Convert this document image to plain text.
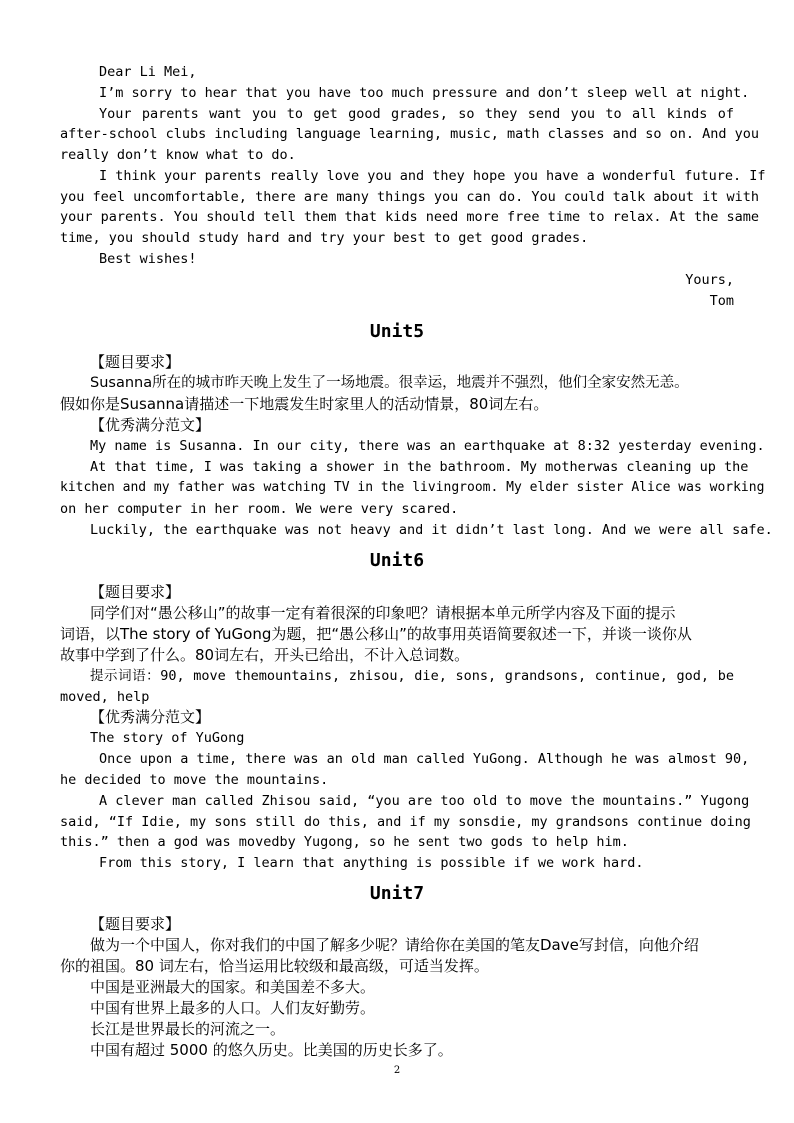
Dear Li Mei,
I’m sorry to hear that you have too much pressure and don’t sleep well at night.
Your parents want you to get good grades, so they send you to all kinds of
after-school clubs including language learning, music, math classes and so on. And you
really don’t know what to do.
I think your parents really love you and they hope you have a wonderful future. If
you feel uncomfortable, there are many things you can do. You could talk about it with
your parents. You should tell them that kids need more free time to relax. At the same
time, you should study hard and try your best to get good grades.
Best wishes!
Yours,
Tom
Unit5
【题目要求】
Susanna所在的城市昨天晚上发生了一场地震。很幸运，地震并不强烈，他们全家安然无恙。
假如你是Susanna请描述一下地震发生时家里人的活动情景，80词左右。
【优秀满分范文】
My name is Susanna. In our city, there was an earthquake at 8:32 yesterday evening.
At that time, I was taking a shower in the bathroom. My motherwas cleaning up the
kitchen and my father was watching TV in the livingroom. My elder sister Alice was working
on her computer in her room. We were very scared.
Luckily, the earthquake was not heavy and it didn’t last long. And we were all safe.
Unit6
【题目要求】
同学们对“愚公移山”的故事一定有着很深的印象吧？请根据本单元所学内容及下面的提示
词语，以The story of YuGong为题，把“愚公移山”的故事用英语简要叙述一下，并谈一谈你从
故事中学到了什么。80词左右，开头已给出，不计入总词数。
提示词语：90, move themountains, zhisou, die, sons, grandsons, continue, god, be
moved, help
【优秀满分范文】
The story of YuGong
Once upon a time, there was an old man called YuGong. Although he was almost 90,
he decided to move the mountains.
A clever man called Zhisou said, “you are too old to move the mountains.” Yugong
said, “If Idie, my sons still do this, and if my sonsdie, my grandsons continue doing
this.” then a god was movedby Yugong, so he sent two gods to help him.
From this story, I learn that anything is possible if we work hard.
Unit7
【题目要求】
做为一个中国人，你对我们的中国了解多少呢？请给你在美国的笔友Dave写封信，向他介绍
你的祖国。80 词左右，恰当运用比较级和最高级，可适当发挥。
中国是亚洲最大的国家。和美国差不多大。
中国有世界上最多的人口。人们友好勤劳。
长江是世界最长的河流之一。
中国有超过 5000 的悠久历史。比美国的历史长多了。
2
